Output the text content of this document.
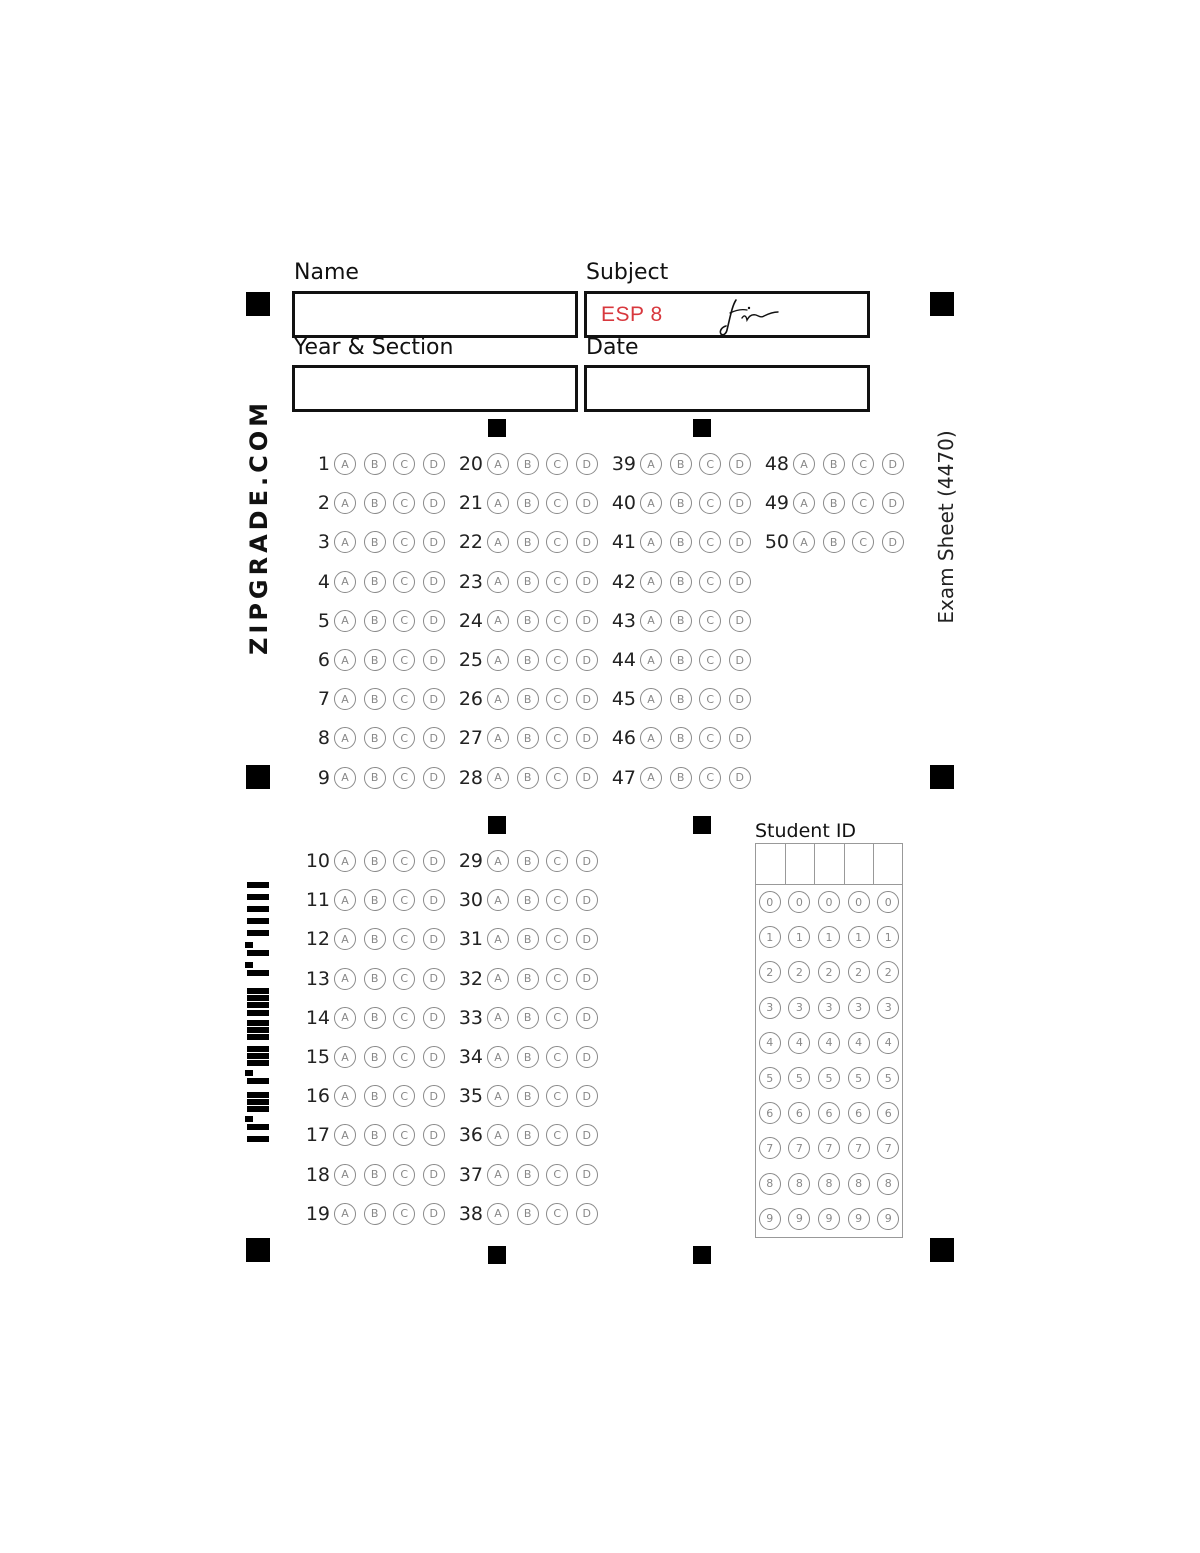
Name	Subject
ESP 8
Year & Section	Date
ZIPGRADE.COM	Exam Sheet (4470)
1	A	B	C	D	20	A	B	C	D	39	A	B	C	D	48	A	B	C	D
2	A	B	C	D	21	A	B	C	D	40	A	B	C	D	49	A	B	C	D
3	A	B	C	D	22	A	B	C	D	41	A	B	C	D	50	A	B	C	D
4	A	B	C	D	23	A	B	C	D	42	A	B	C	D
5	A	B	C	D	24	A	B	C	D	43	A	B	C	D
6	A	B	C	D	25	A	B	C	D	44	A	B	C	D
7	A	B	C	D	26	A	B	C	D	45	A	B	C	D
8	A	B	C	D	27	A	B	C	D	46	A	B	C	D
9	A	B	C	D	28	A	B	C	D	47	A	B	C	D
10	A	B	C	D	29	A	B	C	D
11	A	B	C	D	30	A	B	C	D
12	A	B	C	D	31	A	B	C	D
13	A	B	C	D	32	A	B	C	D
14	A	B	C	D	33	A	B	C	D
15	A	B	C	D	34	A	B	C	D
16	A	B	C	D	35	A	B	C	D
17	A	B	C	D	36	A	B	C	D
18	A	B	C	D	37	A	B	C	D
19	A	B	C	D	38	A	B	C	D
Student ID
0	0	0	0	0
1	1	1	1	1
2	2	2	2	2
3	3	3	3	3
4	4	4	4	4
5	5	5	5	5
6	6	6	6	6
7	7	7	7	7
8	8	8	8	8
9	9	9	9	9
